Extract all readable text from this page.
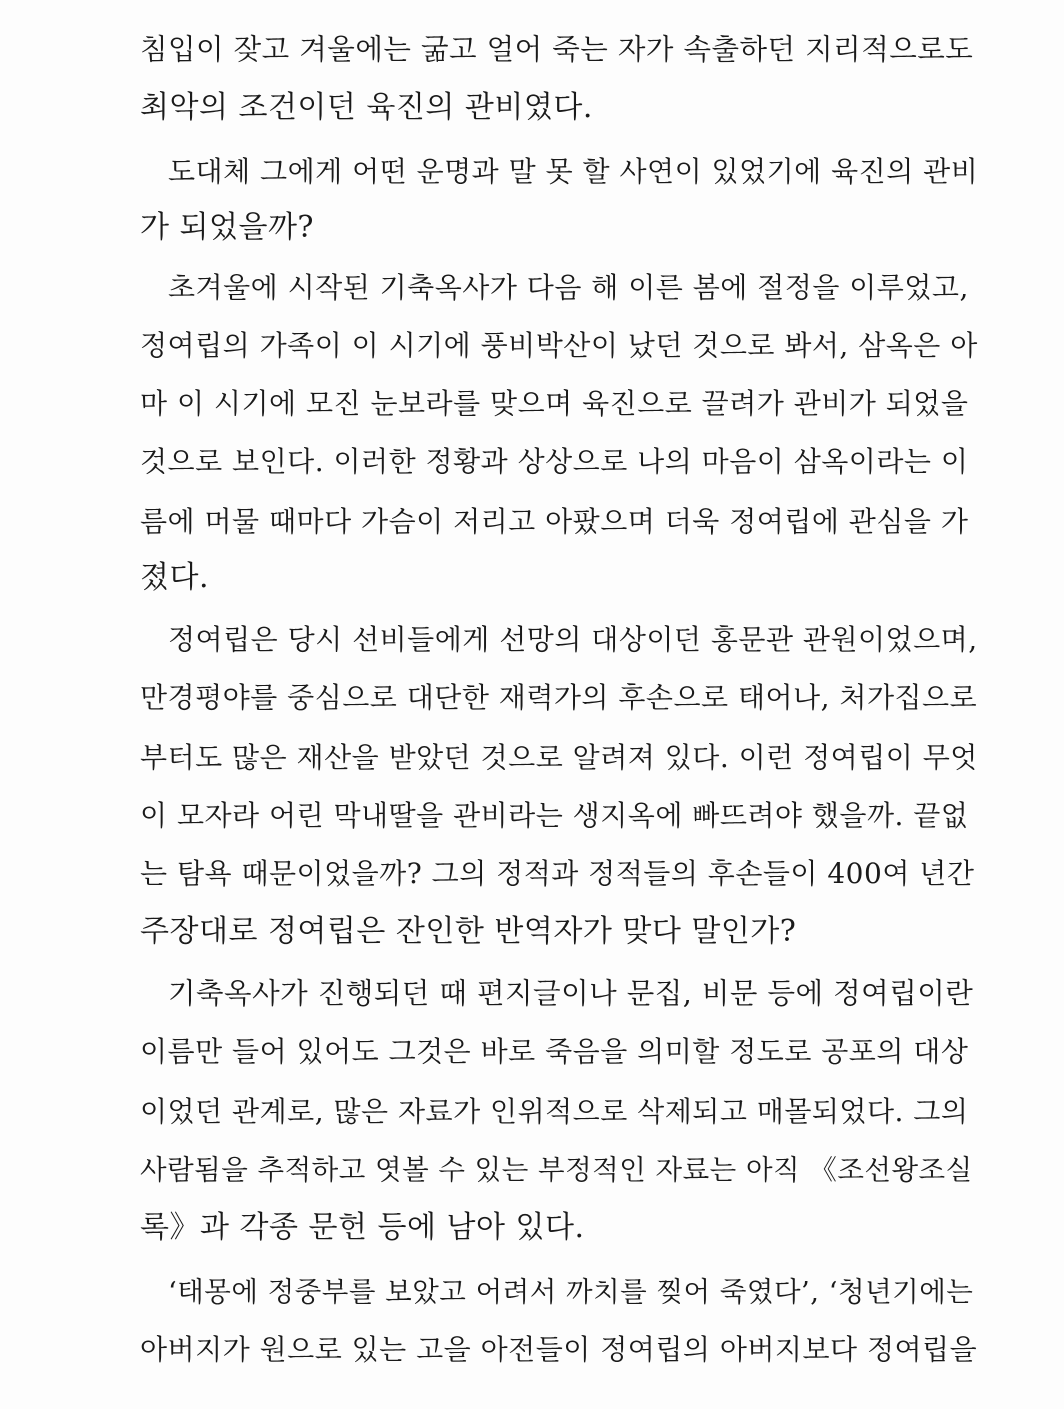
침입이 잦고 겨울에는 굶고 얼어 죽는 자가 속출하던 지리적으로도
최악의 조건이던 육진의 관비였다.
도대체 그에게 어떤 운명과 말 못 할 사연이 있었기에 육진의 관비
가 되었을까?
초겨울에 시작된 기축옥사가 다음 해 이른 봄에 절정을 이루었고,
정여립의 가족이 이 시기에 풍비박산이 났던 것으로 봐서, 삼옥은 아
마 이 시기에 모진 눈보라를 맞으며 육진으로 끌려가 관비가 되었을
것으로 보인다. 이러한 정황과 상상으로 나의 마음이 삼옥이라는 이
름에 머물 때마다 가슴이 저리고 아팠으며 더욱 정여립에 관심을 가
졌다.
정여립은 당시 선비들에게 선망의 대상이던 홍문관 관원이었으며,
만경평야를 중심으로 대단한 재력가의 후손으로 태어나, 처가집으로
부터도 많은 재산을 받았던 것으로 알려져 있다. 이런 정여립이 무엇
이 모자라 어린 막내딸을 관비라는 생지옥에 빠뜨려야 했을까. 끝없
는 탐욕 때문이었을까? 그의 정적과 정적들의 후손들이 400여 년간
주장대로 정여립은 잔인한 반역자가 맞다 말인가?
기축옥사가 진행되던 때 편지글이나 문집, 비문 등에 정여립이란
이름만 들어 있어도 그것은 바로 죽음을 의미할 정도로 공포의 대상
이었던 관계로, 많은 자료가 인위적으로 삭제되고 매몰되었다. 그의
사람됨을 추적하고 엿볼 수 있는 부정적인 자료는 아직 《조선왕조실
록》과 각종 문헌 등에 남아 있다.
‘태몽에 정중부를 보았고 어려서 까치를 찢어 죽였다’, ‘청년기에는
아버지가 원으로 있는 고을 아전들이 정여립의 아버지보다 정여립을
